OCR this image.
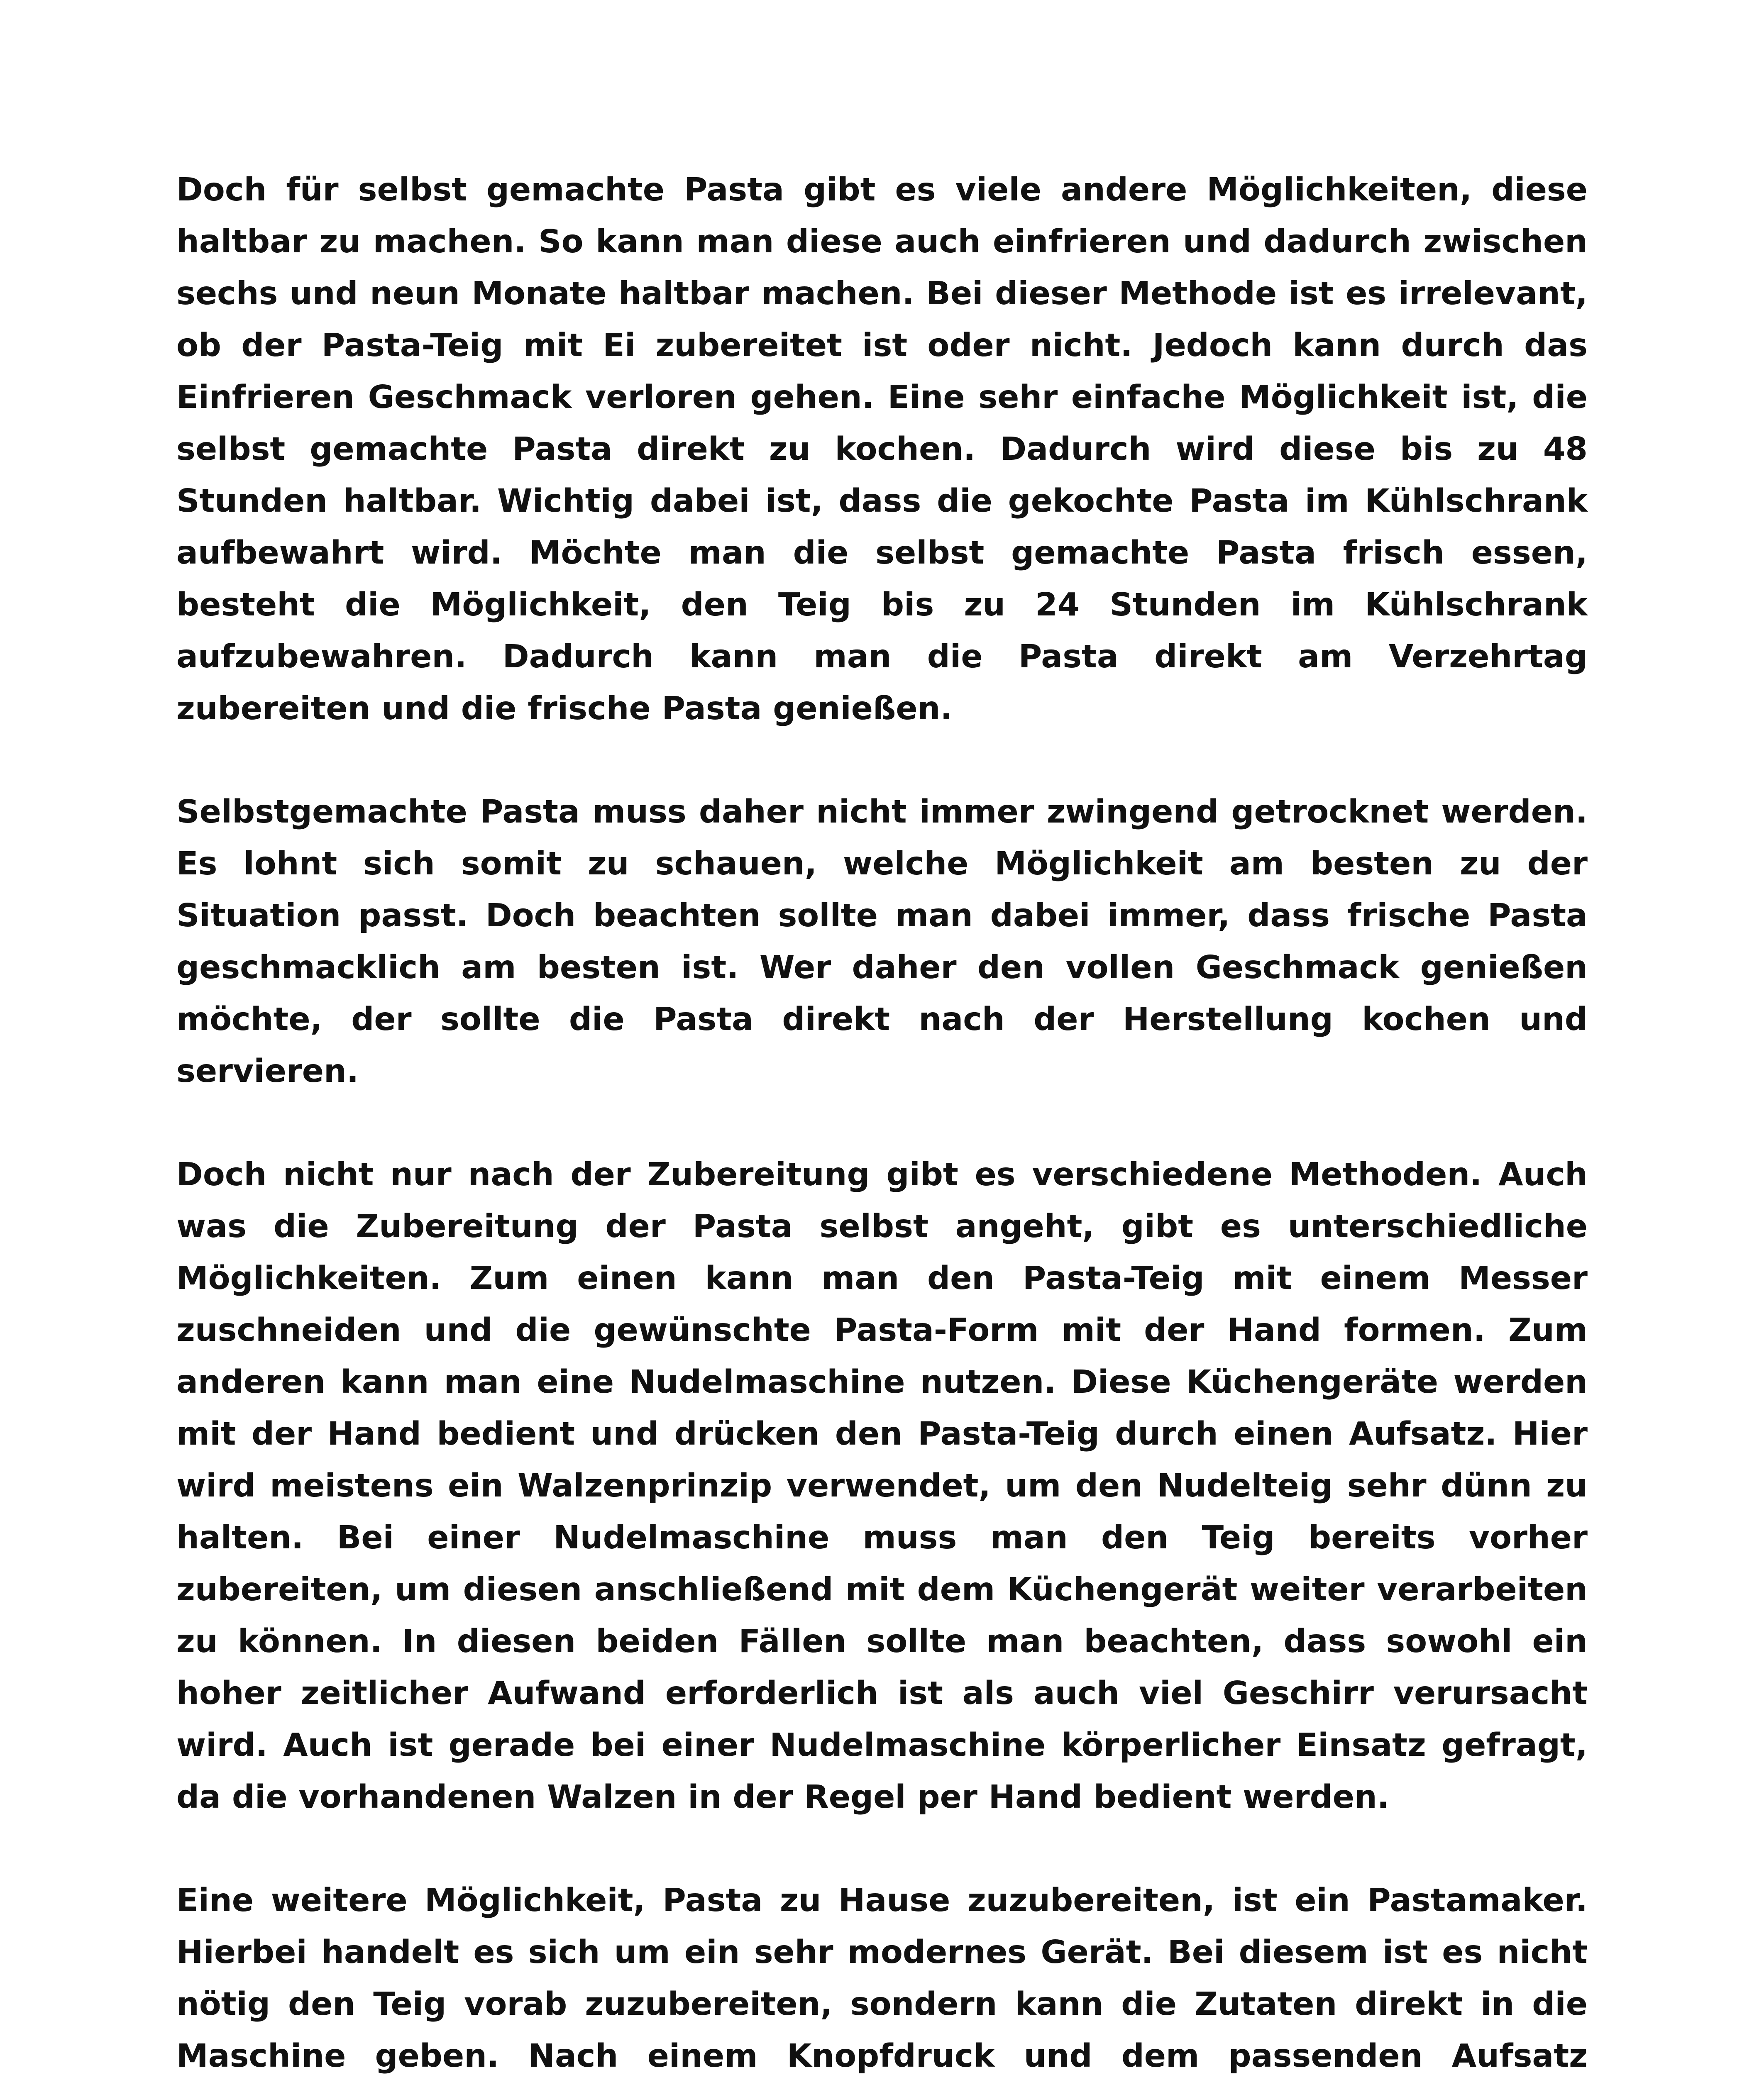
Doch für selbst gemachte Pasta gibt es viele andere Möglichkeiten, diese haltbar zu machen. So kann man diese auch einfrieren und dadurch zwischen sechs und neun Monate haltbar machen. Bei dieser Methode ist es irrelevant, ob der Pasta-Teig mit Ei zubereitet ist oder nicht. Jedoch kann durch das Einfrieren Geschmack verloren gehen. Eine sehr einfache Möglichkeit ist, die selbst gemachte Pasta direkt zu kochen. Dadurch wird diese bis zu 48 Stunden haltbar. Wichtig dabei ist, dass die gekochte Pasta im Kühlschrank aufbewahrt wird. Möchte man die selbst gemachte Pasta frisch essen, besteht die Möglichkeit, den Teig bis zu 24 Stunden im Kühlschrank aufzubewahren. Dadurch kann man die Pasta direkt am Verzehrtag zubereiten und die frische Pasta genießen.

Selbstgemachte Pasta muss daher nicht immer zwingend getrocknet werden. Es lohnt sich somit zu schauen, welche Möglichkeit am besten zu der Situation passt. Doch beachten sollte man dabei immer, dass frische Pasta geschmacklich am besten ist. Wer daher den vollen Geschmack genießen möchte, der sollte die Pasta direkt nach der Herstellung kochen und servieren.

Doch nicht nur nach der Zubereitung gibt es verschiedene Methoden. Auch was die Zubereitung der Pasta selbst angeht, gibt es unterschiedliche Möglichkeiten. Zum einen kann man den Pasta-Teig mit einem Messer zuschneiden und die gewünschte Pasta-Form mit der Hand formen. Zum anderen kann man eine Nudelmaschine nutzen. Diese Küchengeräte werden mit der Hand bedient und drücken den Pasta-Teig durch einen Aufsatz. Hier wird meistens ein Walzenprinzip verwendet, um den Nudelteig sehr dünn zu halten. Bei einer Nudelmaschine muss man den Teig bereits vorher zubereiten, um diesen anschließend mit dem Küchengerät weiter verarbeiten zu können. In diesen beiden Fällen sollte man beachten, dass sowohl ein hoher zeitlicher Aufwand erforderlich ist als auch viel Geschirr verursacht wird. Auch ist gerade bei einer Nudelmaschine körperlicher Einsatz gefragt, da die vorhandenen Walzen in der Regel per Hand bedient werden.

Eine weitere Möglichkeit, Pasta zu Hause zuzubereiten, ist ein Pastamaker. Hierbei handelt es sich um ein sehr modernes Gerät. Bei diesem ist es nicht nötig den Teig vorab zuzubereiten, sondern kann die Zutaten direkt in die Maschine geben. Nach einem Knopfdruck und dem passenden Aufsatz
